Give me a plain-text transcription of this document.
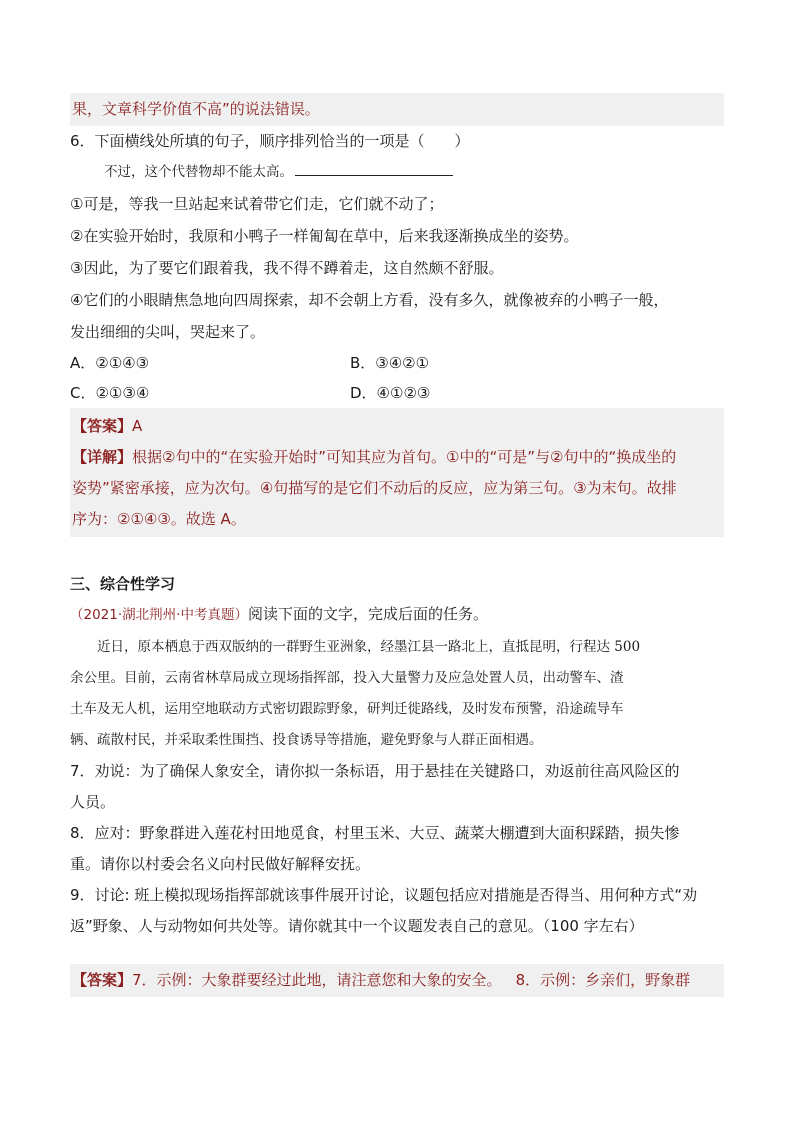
果，文章科学价值不高”的说法错误。
6．下面横线处所填的句子，顺序排列恰当的一项是（　　）
不过，这个代替物却不能太高。
①可是，等我一旦站起来试着带它们走，它们就不动了；
②在实验开始时，我原和小鸭子一样匍匐在草中，后来我逐渐换成坐的姿势。
③因此，为了要它们跟着我，我不得不蹲着走，这自然颇不舒服。
④它们的小眼睛焦急地向四周探索，却不会朝上方看，没有多久，就像被弃的小鸭子一般，
发出细细的尖叫，哭起来了。
A．②①④③	B．③④②①
C．②①③④	D．④①②③
【答案】A
【详解】根据②句中的“在实验开始时”可知其应为首句。①中的“可是”与②句中的“换成坐的
姿势”紧密承接，应为次句。④句描写的是它们不动后的反应，应为第三句。③为末句。故排
序为：②①④③。故选 A。
三、综合性学习
（2021·湖北荆州·中考真题）阅读下面的文字，完成后面的任务。

近日，原本栖息于西双版纳的一群野生亚洲象，经墨江县一路北上，直抵昆明，行程达 500

余公里。目前，云南省林草局成立现场指挥部，投入大量警力及应急处置人员，出动警车、渣
土车及无人机，运用空地联动方式密切跟踪野象，研判迁徙路线，及时发布预警，沿途疏导车
辆、疏散村民，并采取柔性围挡、投食诱导等措施，避免野象与人群正面相遇。
7．劝说：为了确保人象安全，请你拟一条标语，用于悬挂在关键路口，劝返前往高风险区的
人员。
8．应对：野象群进入莲花村田地觅食，村里玉米、大豆、蔬菜大棚遭到大面积踩踏，损失惨
重。请你以村委会名义向村民做好解释安抚。
9．讨论: 班上模拟现场指挥部就该事件展开讨论，议题包括应对措施是否得当、用何种方式“劝
返”野象、人与动物如何共处等。请你就其中一个议题发表自己的意见。（100 字左右）
【答案】7．示例：大象群要经过此地，请注意您和大象的安全。 8．示例：乡亲们，野象群
